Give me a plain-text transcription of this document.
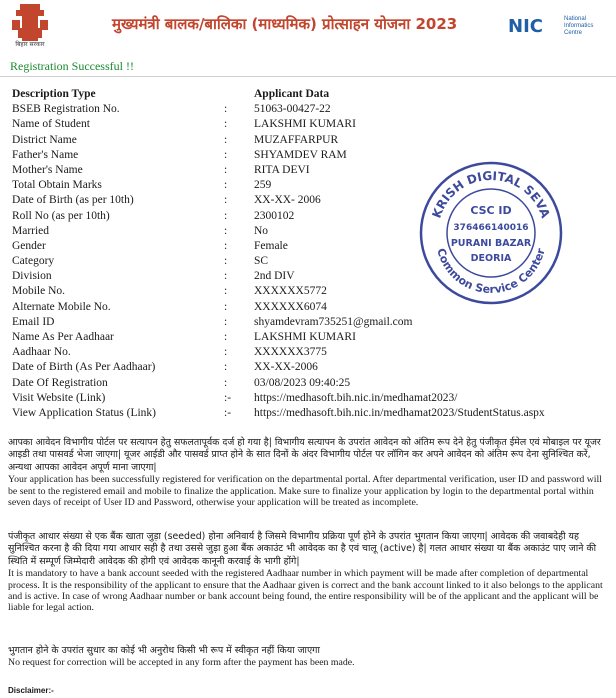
बिहार सरकार
मुख्यमंत्री बालक/बालिका (माध्यमिक) प्रोत्साहन योजना 2023	NIC	National
Informatics
Centre
Registration Successful !!
Description Type	Applicant Data
BSEB Registration No.	: 51063-00427-22
Name of Student	: LAKSHMI KUMARI
District Name	: MUZAFFARPUR
Father's Name	: SHYAMDEV RAM
Mother's Name	: RITA DEVI
Total Obtain Marks	: 259
Date of Birth (as per 10th)	: XX-XX- 2006
Roll No (as per 10th)	: 2300102
Married	: No
Gender	: Female
Category	: SC
Division	: 2nd DIV
Mobile No.	: XXXXXX5772
Alternate Mobile No.	: XXXXXX6074
Email ID	: shyamdevram735251@gmail.com
Name As Per Aadhaar	: LAKSHMI KUMARI
Aadhaar No.	: XXXXXX3775
Date of Birth (As Per Aadhaar)	: XX-XX-2006
Date Of Registration	: 03/08/2023 09:40:25
Visit Website (Link)	:- https://medhasoft.bih.nic.in/medhamat2023/
View Application Status (Link)	:- https://medhasoft.bih.nic.in/medhamat2023/StudentStatus.aspx
KRISH DIGITAL SEVA
Common Service Center
CSC ID
376466140016
PURANI BAZAR
DEORIA
आपका आवेदन विभागीय पोर्टल पर सत्यापन हेतु सफलतापूर्वक दर्ज हो गया है| विभागीय सत्यापन के उपरांत आवेदन को अंतिम रूप देने हेतु पंजीकृत ईमेल एवं मोबाइल पर यूजर आइडी तथा पासवर्ड भेजा जाएगा| यूजर आईडी और पासवर्ड प्राप्त होने के सात दिनों के अंदर विभागीय पोर्टल पर लॉगिन कर अपने आवेदन को अंतिम रूप देना सुनिश्चित करें, अन्यथा आपका आवेदन अपूर्ण माना जाएगा|
Your application has been successfully registered for verification on the departmental portal. After departmental verification, user ID and password will be sent to the registered email and mobile to finalize the application. Make sure to finalize your application by login to the departmental portal within seven days of receipt of User ID and Password, otherwise your application will be treated as incomplete.
पंजीकृत आधार संख्या से एक बैंक खाता जुड़ा (seeded) होना अनिवार्य है जिसमे विभागीय प्रक्रिया पूर्ण होने के उपरांत भुगतान किया जाएगा| आवेदक की जवाबदेही यह सुनिश्चित करना है की दिया गया आधार सही है तथा उससे जुड़ा हुआ बैंक अकाउंट भी आवेदक का है एवं चालू (active) है| गलत आधार संख्या या बैंक अकाउंट पाए जाने की स्थिति में सम्पूर्ण जिम्मेदारी आवेदक की होगी एवं आवेदक कानूनी करवाई के भागी होंगे|
It is mandatory to have a bank account seeded with the registered Aadhaar number in which payment will be made after completion of departmental process. It is the responsibility of the applicant to ensure that the Aadhaar given is correct and the bank account linked to it also belongs to the applicant and is active. In case of wrong Aadhaar number or bank account being found, the entire responsibility will be of the applicant and the applicant will be liable for legal action.
भुगतान होने के उपरांत सुधार का कोई भी अनुरोध किसी भी रूप में स्वीकृत नहीं किया जाएगा
No request for correction will be accepted in any form after the payment has been made.
Disclaimer:-
